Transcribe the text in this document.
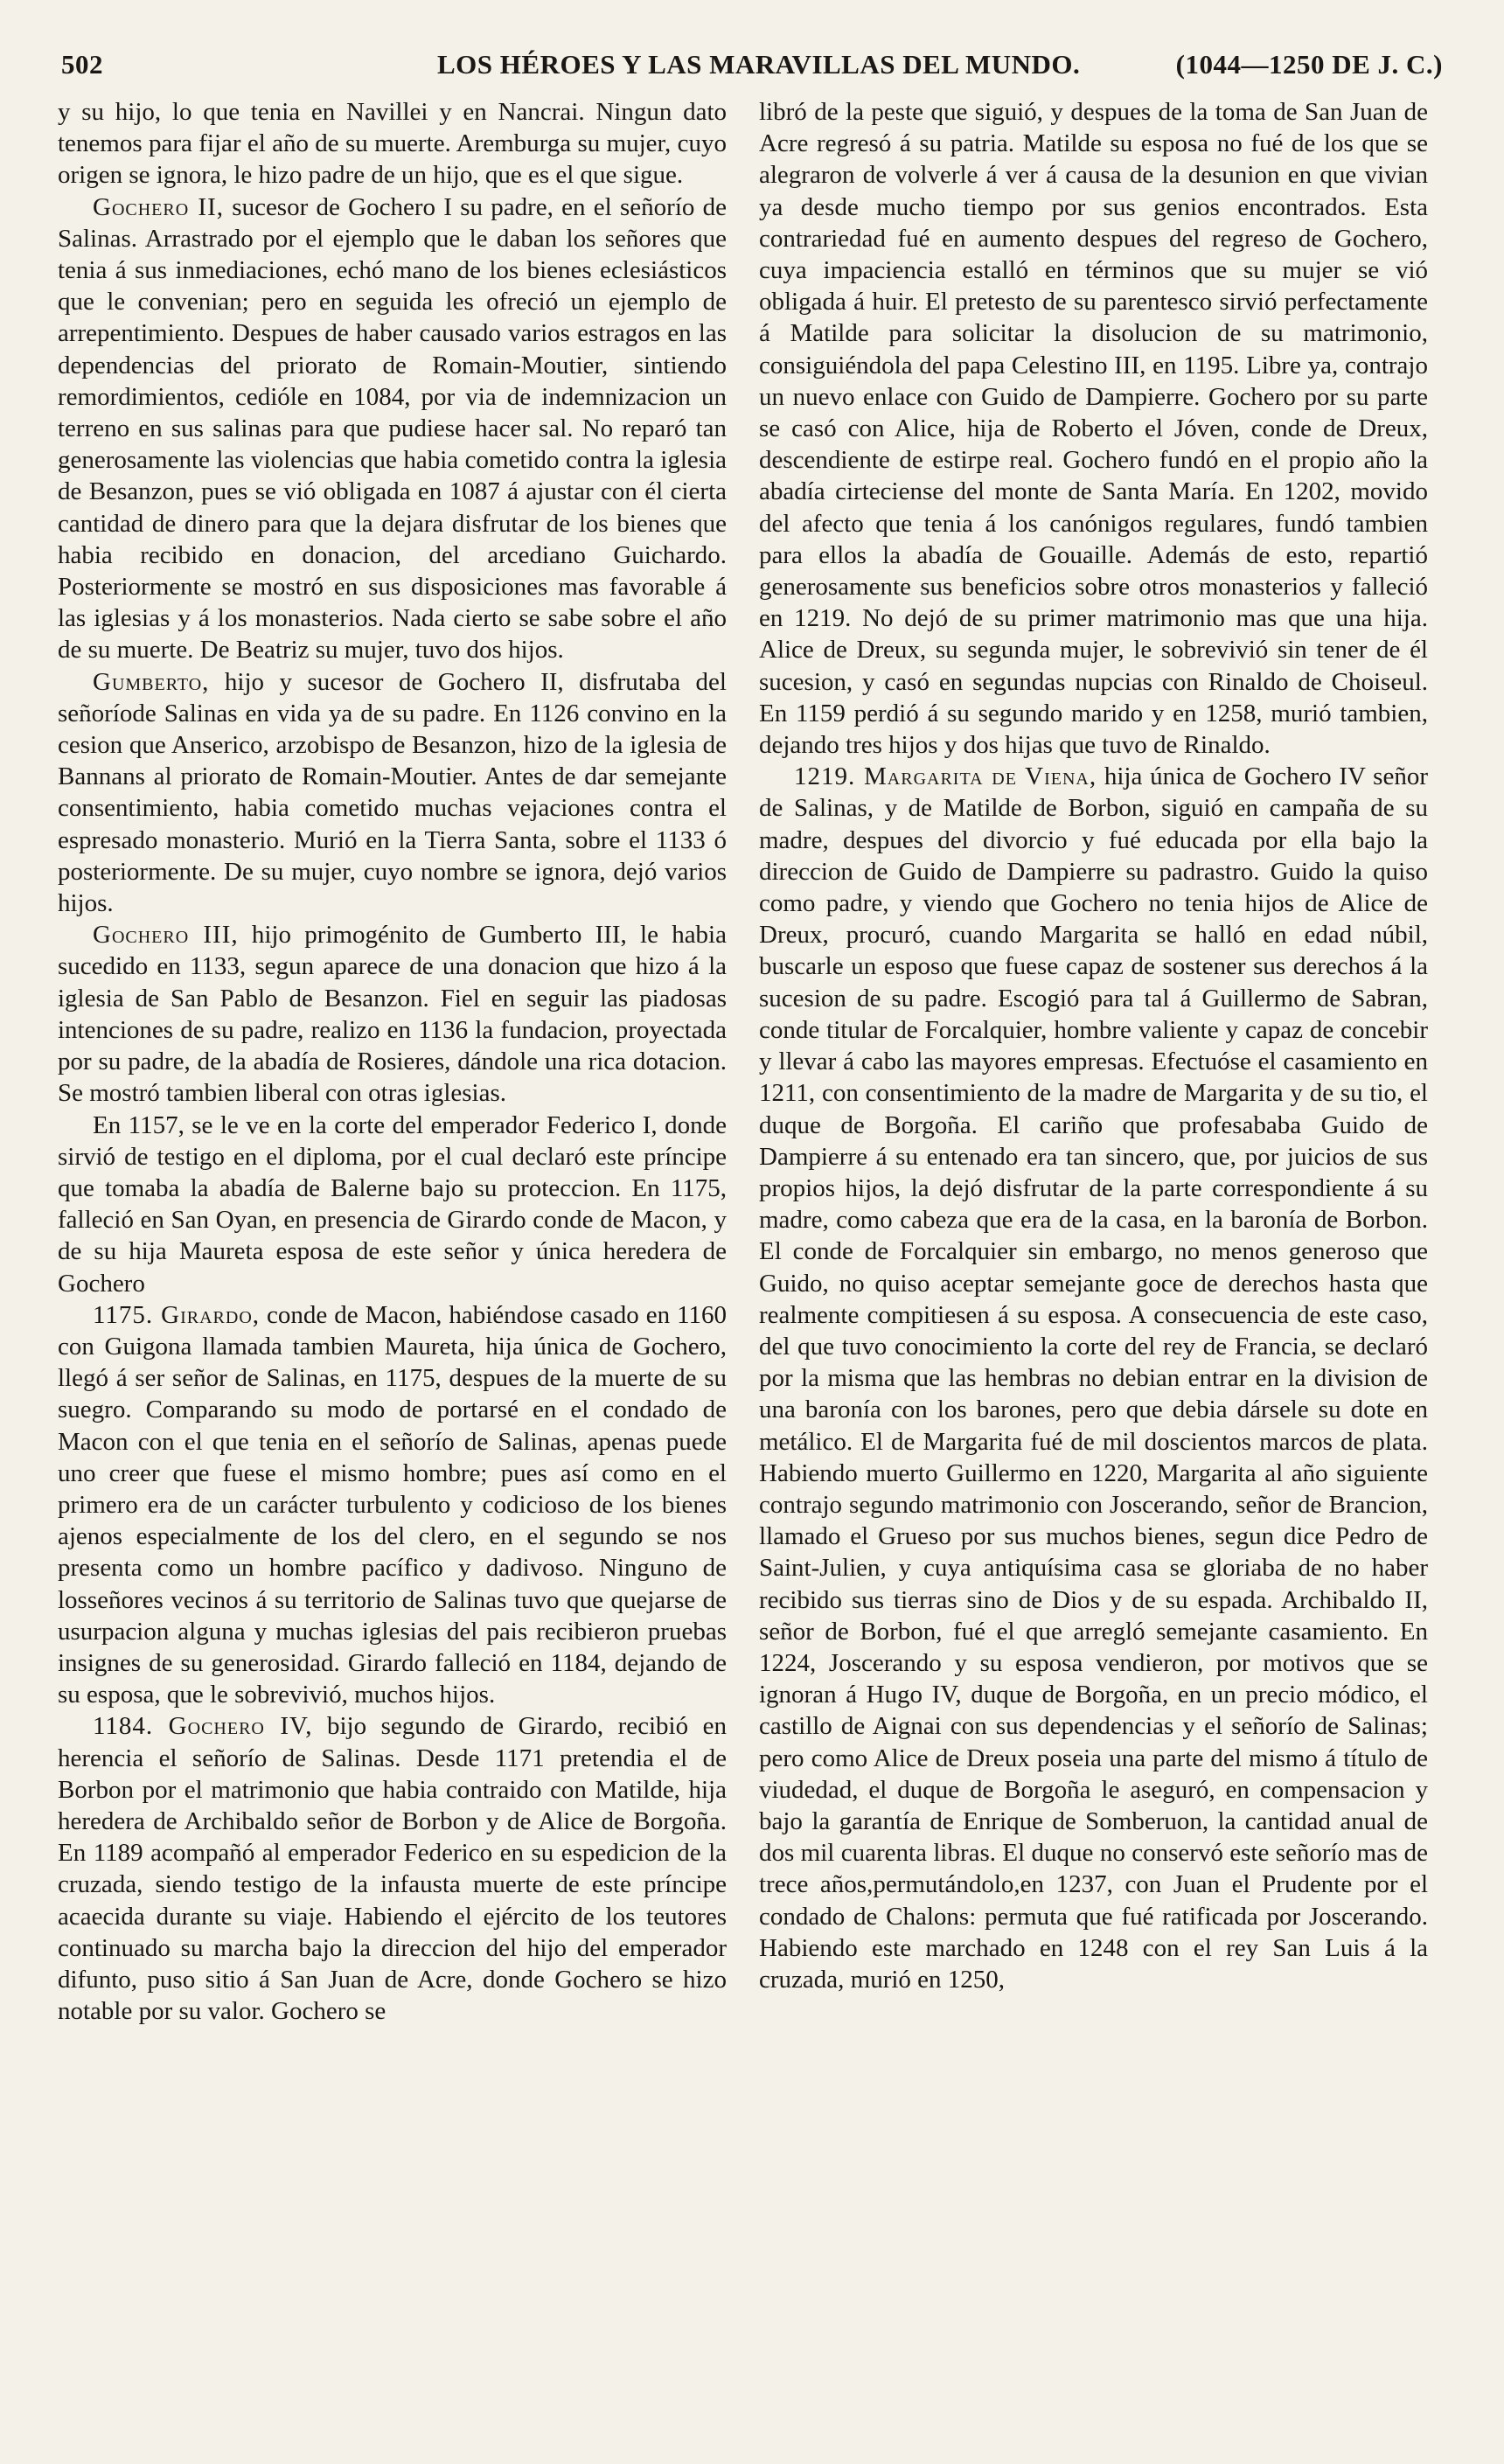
502	LOS HÉROES Y LAS MARAVILLAS DEL MUNDO.	(1044—1250 DE J. C.)

y su hijo, lo que tenia en Navillei y en Nancrai. Ningun dato tenemos para fijar el año de su muerte. Aremburga su mujer, cuyo origen se ignora, le hizo padre de un hijo, que es el que sigue.

Gochero II, sucesor de Gochero I su padre, en el señorío de Salinas. Arrastrado por el ejemplo que le daban los señores que tenia á sus inmediaciones, echó mano de los bienes eclesiásticos que le convenian; pero en seguida les ofreció un ejemplo de arrepentimiento. Despues de haber causado varios estragos en las dependencias del priorato de Romain-Moutier, sintiendo remordimientos, cedióle en 1084, por via de indemnizacion un terreno en sus salinas para que pudiese hacer sal. No reparó tan generosamente las violencias que habia cometido contra la iglesia de Besanzon, pues se vió obligada en 1087 á ajustar con él cierta cantidad de dinero para que la dejara disfrutar de los bienes que habia recibido en donacion, del arcediano Guichardo. Posteriormente se mostró en sus disposiciones mas favorable á las iglesias y á los monasterios. Nada cierto se sabe sobre el año de su muerte. De Beatriz su mujer, tuvo dos hijos.

Gumberto, hijo y sucesor de Gochero II, disfrutaba del señoríode Salinas en vida ya de su padre. En 1126 convino en la cesion que Anserico, arzobispo de Besanzon, hizo de la iglesia de Bannans al priorato de Romain-Moutier. Antes de dar semejante consentimiento, habia cometido muchas vejaciones contra el espresado monasterio. Murió en la Tierra Santa, sobre el 1133 ó posteriormente. De su mujer, cuyo nombre se ignora, dejó varios hijos.

Gochero III, hijo primogénito de Gumberto III, le habia sucedido en 1133, segun aparece de una donacion que hizo á la iglesia de San Pablo de Besanzon. Fiel en seguir las piadosas intenciones de su padre, realizo en 1136 la fundacion, proyectada por su padre, de la abadía de Rosieres, dándole una rica dotacion. Se mostró tambien liberal con otras iglesias.

En 1157, se le ve en la corte del emperador Federico I, donde sirvió de testigo en el diploma, por el cual declaró este príncipe que tomaba la abadía de Balerne bajo su proteccion. En 1175, falleció en San Oyan, en presencia de Girardo conde de Macon, y de su hija Maureta esposa de este señor y única heredera de Gochero

1175. Girardo, conde de Macon, habiéndose casado en 1160 con Guigona llamada tambien Maureta, hija única de Gochero, llegó á ser señor de Salinas, en 1175, despues de la muerte de su suegro. Comparando su modo de portarsé en el condado de Macon con el que tenia en el señorío de Salinas, apenas puede uno creer que fuese el mismo hombre; pues así como en el primero era de un carácter turbulento y codicioso de los bienes ajenos especialmente de los del clero, en el segundo se nos presenta como un hombre pacífico y dadivoso. Ninguno de losseñores vecinos á su territorio de Salinas tuvo que quejarse de usurpacion alguna y muchas iglesias del pais recibieron pruebas insignes de su generosidad. Girardo falleció en 1184, dejando de su esposa, que le sobrevivió, muchos hijos.

1184. Gochero IV, bijo segundo de Girardo, recibió en herencia el señorío de Salinas. Desde 1171 pretendia el de Borbon por el matrimonio que habia contraido con Matilde, hija heredera de Archibaldo señor de Borbon y de Alice de Borgoña. En 1189 acompañó al emperador Federico en su espedicion de la cruzada, siendo testigo de la infausta muerte de este príncipe acaecida durante su viaje. Habiendo el ejército de los teutores continuado su marcha bajo la direccion del hijo del emperador difunto, puso sitio á San Juan de Acre, donde Gochero se hizo notable por su valor. Gochero se

libró de la peste que siguió, y despues de la toma de San Juan de Acre regresó á su patria. Matilde su esposa no fué de los que se alegraron de volverle á ver á causa de la desunion en que vivian ya desde mucho tiempo por sus genios encontrados. Esta contrariedad fué en aumento despues del regreso de Gochero, cuya impaciencia estalló en términos que su mujer se vió obligada á huir. El pretesto de su parentesco sirvió perfectamente á Matilde para solicitar la disolucion de su matrimonio, consiguiéndola del papa Celestino III, en 1195. Libre ya, contrajo un nuevo enlace con Guido de Dampierre. Gochero por su parte se casó con Alice, hija de Roberto el Jóven, conde de Dreux, descendiente de estirpe real. Gochero fundó en el propio año la abadía cirteciense del monte de Santa María. En 1202, movido del afecto que tenia á los canónigos regulares, fundó tambien para ellos la abadía de Gouaille. Además de esto, repartió generosamente sus beneficios sobre otros monasterios y falleció en 1219. No dejó de su primer matrimonio mas que una hija. Alice de Dreux, su segunda mujer, le sobrevivió sin tener de él sucesion, y casó en segundas nupcias con Rinaldo de Choiseul. En 1159 perdió á su segundo marido y en 1258, murió tambien, dejando tres hijos y dos hijas que tuvo de Rinaldo.

1219. Margarita de Viena, hija única de Gochero IV señor de Salinas, y de Matilde de Borbon, siguió en campaña de su madre, despues del divorcio y fué educada por ella bajo la direccion de Guido de Dampierre su padrastro. Guido la quiso como padre, y viendo que Gochero no tenia hijos de Alice de Dreux, procuró, cuando Margarita se halló en edad núbil, buscarle un esposo que fuese capaz de sostener sus derechos á la sucesion de su padre. Escogió para tal á Guillermo de Sabran, conde titular de Forcalquier, hombre valiente y capaz de concebir y llevar á cabo las mayores empresas. Efectuóse el casamiento en 1211, con consentimiento de la madre de Margarita y de su tio, el duque de Borgoña. El cariño que profesababa Guido de Dampierre á su entenado era tan sincero, que, por juicios de sus propios hijos, la dejó disfrutar de la parte correspondiente á su madre, como cabeza que era de la casa, en la baronía de Borbon. El conde de Forcalquier sin embargo, no menos generoso que Guido, no quiso aceptar semejante goce de derechos hasta que realmente compitiesen á su esposa. A consecuencia de este caso, del que tuvo conocimiento la corte del rey de Francia, se declaró por la misma que las hembras no debian entrar en la division de una baronía con los barones, pero que debia dársele su dote en metálico. El de Margarita fué de mil doscientos marcos de plata. Habiendo muerto Guillermo en 1220, Margarita al año siguiente contrajo segundo matrimonio con Joscerando, señor de Brancion, llamado el Grueso por sus muchos bienes, segun dice Pedro de Saint-Julien, y cuya antiquísima casa se gloriaba de no haber recibido sus tierras sino de Dios y de su espada. Archibaldo II, señor de Borbon, fué el que arregló semejante casamiento. En 1224, Joscerando y su esposa vendieron, por motivos que se ignoran á Hugo IV, duque de Borgoña, en un precio módico, el castillo de Aignai con sus dependencias y el señorío de Salinas; pero como Alice de Dreux poseia una parte del mismo á título de viudedad, el duque de Borgoña le aseguró, en compensacion y bajo la garantía de Enrique de Somberuon, la cantidad anual de dos mil cuarenta libras. El duque no conservó este señorío mas de trece años,permutándolo,en 1237, con Juan el Prudente por el condado de Chalons: permuta que fué ratificada por Joscerando. Habiendo este marchado en 1248 con el rey San Luis á la cruzada, murió en 1250,
